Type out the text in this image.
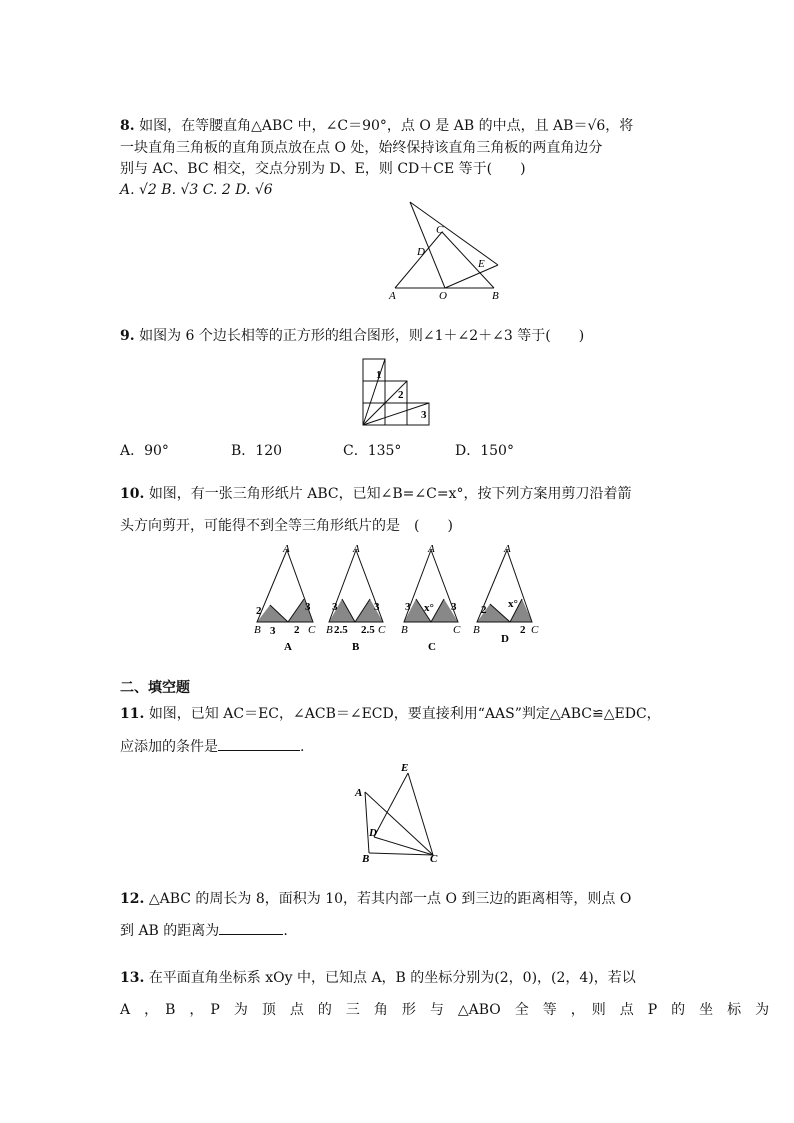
8. 如图，在等腰直角△ABC 中，∠C＝90°，点 O 是 AB 的中点，且 AB＝√6，将
一块直角三角板的直角顶点放在点 O 处，始终保持该直角三角板的两直角边分
别与 AC、BC 相交，交点分别为 D、E，则 CD＋CE 等于(　　)
A. √2 B. √3 C. 2 D. √6
C
D
E
A	O	B
9. 如图为 6 个边长相等的正方形的组合图形，则∠1＋∠2＋∠3 等于(　　)
1
2
3
A．90°	B．120	C．135°	D．150°
10. 如图，有一张三角形纸片 ABC，已知∠B=∠C=x°，按下列方案用剪刀沿着箭
头方向剪开，可能得不到全等三角形纸片的是　(　　)
A
B	C
2	3
3 2
A
A
B	C
3	3
2.5 2.5
B
A
B	C
3	3
x°
C
A
B	C
2 x°
2
D
二、填空题
11. 如图，已知 AC＝EC，∠ACB＝∠ECD，要直接利用“AAS”判定△ABC≌△EDC，
应添加的条件是	.
E
A
D
B	C
12. △ABC 的周长为 8，面积为 10，若其内部一点 O 到三边的距离相等，则点 O
到 AB 的距离为	.
13. 在平面直角坐标系 xOy 中，已知点 A，B 的坐标分别为(2，0)，(2，4)，若以
A　，　B　，　P　为　顶　点　的　三　角　形　与　△ABO　全　等　，　则　点　P　的　坐　标　为
